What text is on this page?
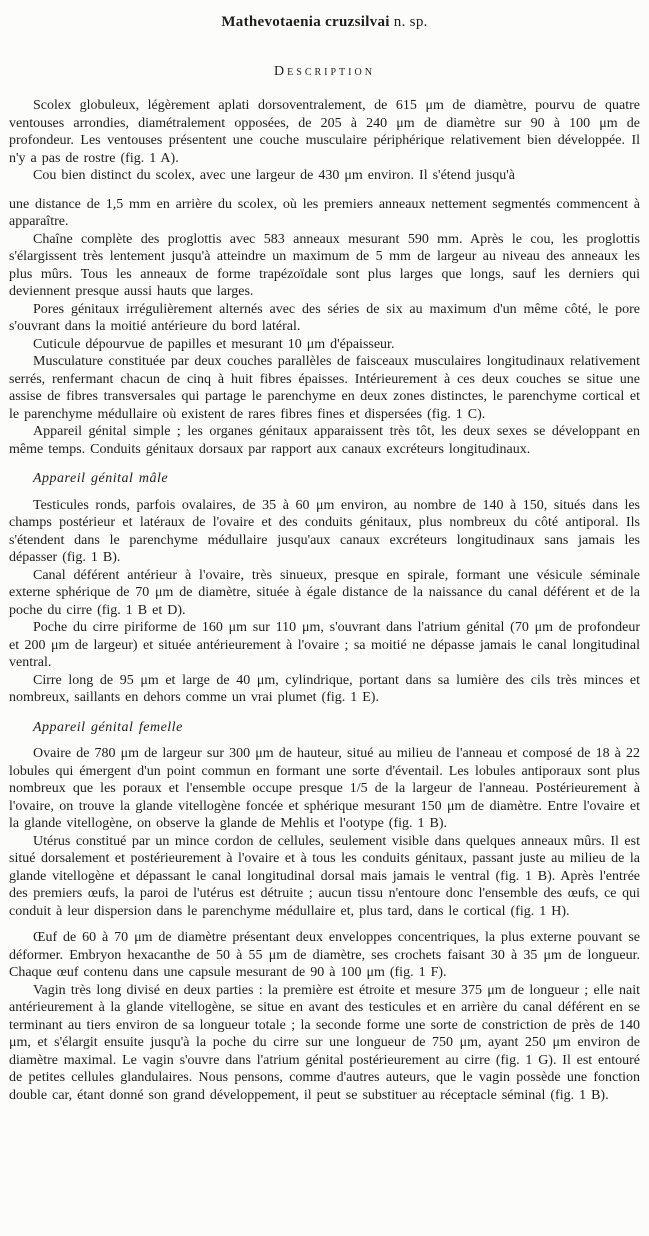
Mathevotaenia cruzsilvai n. sp.
Description

Scolex globuleux, légèrement aplati dorsoventralement, de 615 μm de diamètre, pourvu de quatre ventouses arrondies, diamétralement opposées, de 205 à 240 μm de diamètre sur 90 à 100 μm de profondeur. Les ventouses présentent une couche musculaire périphérique relativement bien développée. Il n'y a pas de rostre (fig. 1 A).

Cou bien distinct du scolex, avec une largeur de 430 μm environ. Il s'étend jusqu'à

une distance de 1,5 mm en arrière du scolex, où les premiers anneaux nettement segmentés commencent à apparaître.

Chaîne complète des proglottis avec 583 anneaux mesurant 590 mm. Après le cou, les proglottis s'élargissent très lentement jusqu'à atteindre un maximum de 5 mm de largeur au niveau des anneaux les plus mûrs. Tous les anneaux de forme trapézoïdale sont plus larges que longs, sauf les derniers qui deviennent presque aussi hauts que larges.

Pores génitaux irrégulièrement alternés avec des séries de six au maximum d'un même côté, le pore s'ouvrant dans la moitié antérieure du bord latéral.

Cuticule dépourvue de papilles et mesurant 10 μm d'épaisseur.

Musculature constituée par deux couches parallèles de faisceaux musculaires longitudinaux relativement serrés, renfermant chacun de cinq à huit fibres épaisses. Intérieurement à ces deux couches se situe une assise de fibres transversales qui partage le parenchyme en deux zones distinctes, le parenchyme cortical et le parenchyme médullaire où existent de rares fibres fines et dispersées (fig. 1 C).

Appareil génital simple ; les organes génitaux apparaissent très tôt, les deux sexes se développant en même temps. Conduits génitaux dorsaux par rapport aux canaux excréteurs longitudinaux.

Appareil génital mâle

Testicules ronds, parfois ovalaires, de 35 à 60 μm environ, au nombre de 140 à 150, situés dans les champs postérieur et latéraux de l'ovaire et des conduits génitaux, plus nombreux du côté antiporal. Ils s'étendent dans le parenchyme médullaire jusqu'aux canaux excréteurs longitudinaux sans jamais les dépasser (fig. 1 B).

Canal déférent antérieur à l'ovaire, très sinueux, presque en spirale, formant une vésicule séminale externe sphérique de 70 μm de diamètre, située à égale distance de la naissance du canal déférent et de la poche du cirre (fig. 1 B et D).

Poche du cirre piriforme de 160 μm sur 110 μm, s'ouvrant dans l'atrium génital (70 μm de profondeur et 200 μm de largeur) et située antérieurement à l'ovaire ; sa moitié ne dépasse jamais le canal longitudinal ventral.

Cirre long de 95 μm et large de 40 μm, cylindrique, portant dans sa lumière des cils très minces et nombreux, saillants en dehors comme un vrai plumet (fig. 1 E).

Appareil génital femelle

Ovaire de 780 μm de largeur sur 300 μm de hauteur, situé au milieu de l'anneau et composé de 18 à 22 lobules qui émergent d'un point commun en formant une sorte d'éventail. Les lobules antiporaux sont plus nombreux que les poraux et l'ensemble occupe presque 1/5 de la largeur de l'anneau. Postérieurement à l'ovaire, on trouve la glande vitellogène foncée et sphérique mesurant 150 μm de diamètre. Entre l'ovaire et la glande vitellogène, on observe la glande de Mehlis et l'ootype (fig. 1 B).

Utérus constitué par un mince cordon de cellules, seulement visible dans quelques anneaux mûrs. Il est situé dorsalement et postérieurement à l'ovaire et à tous les conduits génitaux, passant juste au milieu de la glande vitellogène et dépassant le canal longitudinal dorsal mais jamais le ventral (fig. 1 B). Après l'entrée des premiers œufs, la paroi de l'utérus est détruite ; aucun tissu n'entoure donc l'ensemble des œufs, ce qui conduit à leur dispersion dans le parenchyme médullaire et, plus tard, dans le cortical (fig. 1 H).

Œuf de 60 à 70 μm de diamètre présentant deux enveloppes concentriques, la plus externe pouvant se déformer. Embryon hexacanthe de 50 à 55 μm de diamètre, ses crochets faisant 30 à 35 μm de longueur. Chaque œuf contenu dans une capsule mesurant de 90 à 100 μm (fig. 1 F).

Vagin très long divisé en deux parties : la première est étroite et mesure 375 μm de longueur ; elle nait antérieurement à la glande vitellogène, se situe en avant des testicules et en arrière du canal déférent en se terminant au tiers environ de sa longueur totale ; la seconde forme une sorte de constriction de près de 140 μm, et s'élargit ensuite jusqu'à la poche du cirre sur une longueur de 750 μm, ayant 250 μm environ de diamètre maximal. Le vagin s'ouvre dans l'atrium génital postérieurement au cirre (fig. 1 G). Il est entouré de petites cellules glandulaires. Nous pensons, comme d'autres auteurs, que le vagin possède une fonction double car, étant donné son grand développement, il peut se substituer au réceptacle séminal (fig. 1 B).
